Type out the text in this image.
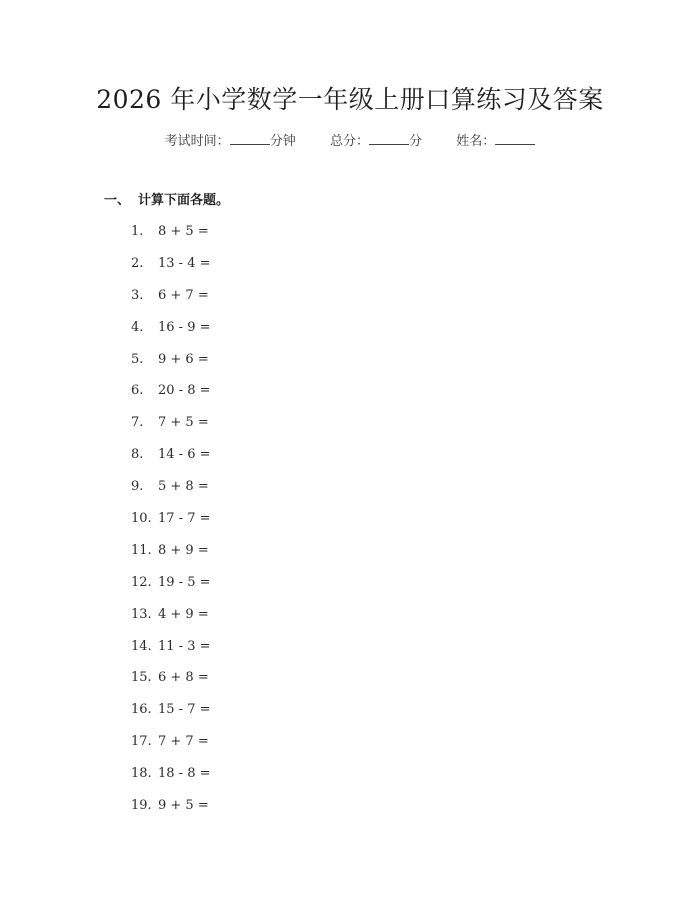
2026 年小学数学一年级上册口算练习及答案
考试时间：	分钟	总分：	分	姓名：
一、 计算下面各题。
1. 8 + 5 =
2. 13 - 4 =
3. 6 + 7 =
4. 16 - 9 =
5. 9 + 6 =
6. 20 - 8 =
7. 7 + 5 =
8. 14 - 6 =
9. 5 + 8 =
10. 17 - 7 =
11. 8 + 9 =
12. 19 - 5 =
13. 4 + 9 =
14. 11 - 3 =
15. 6 + 8 =
16. 15 - 7 =
17. 7 + 7 =
18. 18 - 8 =
19. 9 + 5 =
